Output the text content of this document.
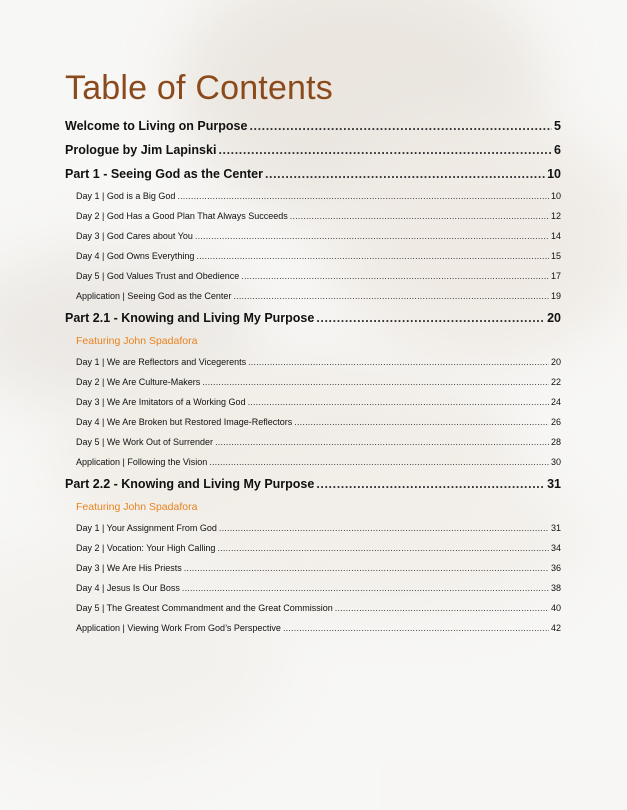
Table of Contents
Welcome to Living on Purpose .....	5
Prologue by Jim Lapinski .....	6
Part 1 - Seeing God as the Center .....	10
Day 1 | God is a Big God .....	10
Day 2 | God Has a Good Plan That Always Succeeds .....	12
Day 3 | God Cares about You .....	14
Day 4 | God Owns Everything .....	15
Day 5 | God Values Trust and Obedience .....	17
Application | Seeing God as the Center .....	19
Part 2.1 - Knowing and Living My Purpose .....	20
Featuring John Spadafora
Day 1 | We are Reflectors and Vicegerents .....	20
Day 2 | We Are Culture-Makers .....	22
Day 3 | We Are Imitators of a Working God .....	24
Day 4 | We Are Broken but Restored Image-Reflectors .....	26
Day 5 | We Work Out of Surrender .....	28
Application | Following the Vision .....	30
Part 2.2 - Knowing and Living My Purpose .....	31
Featuring John Spadafora
Day 1 | Your Assignment From God .....	31
Day 2 | Vocation: Your High Calling .....	34
Day 3 | We Are His Priests .....	36
Day 4 | Jesus Is Our Boss .....	38
Day 5 | The Greatest Commandment and the Great Commission .....	40
Application | Viewing Work From God’s Perspective .....	42
